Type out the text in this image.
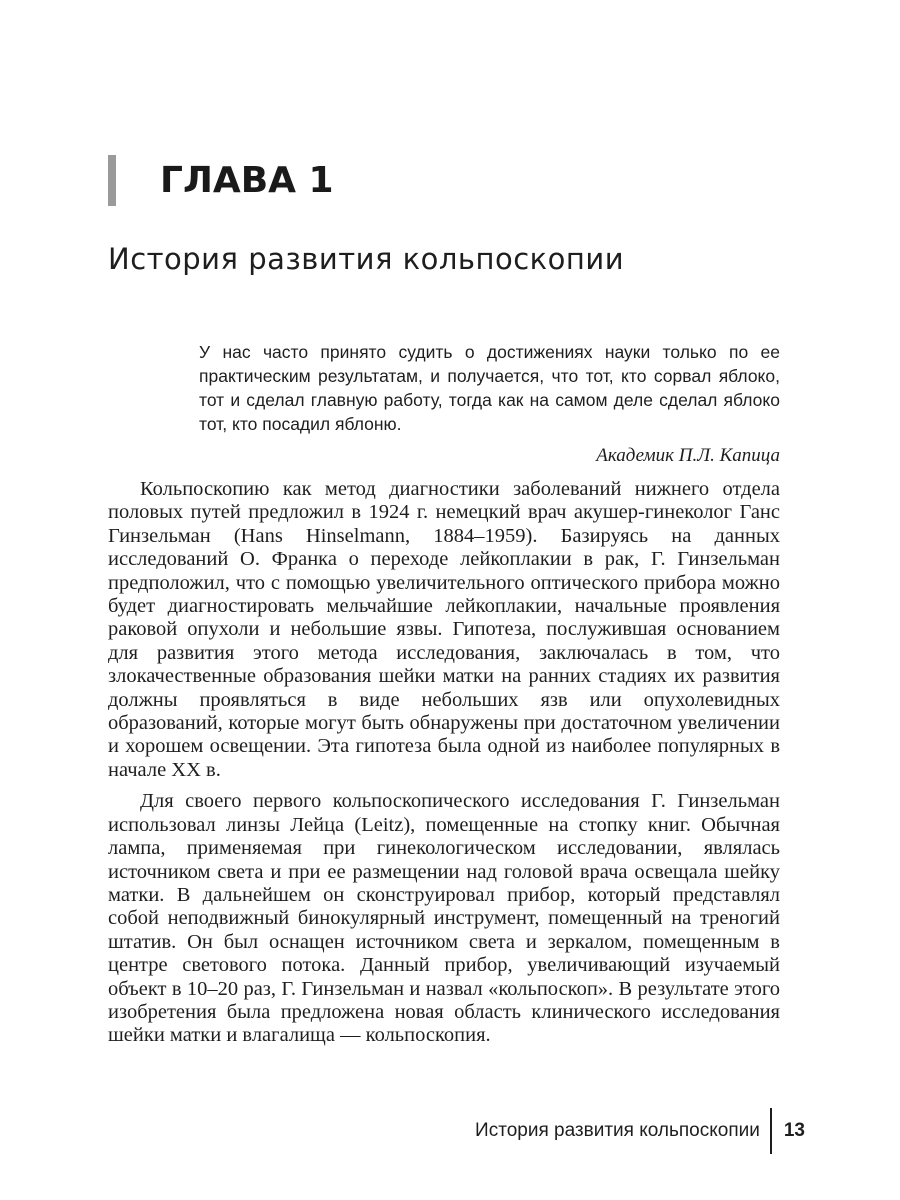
ГЛАВА 1
История развития кольпоскопии

У нас часто принято судить о достижениях науки только по ее практическим результатам, и получается, что тот, кто сорвал яблоко, тот и сделал главную работу, тогда как на самом деле сделал яблоко тот, кто посадил яблоню.

Академик П.Л. Капица

Кольпоскопию как метод диагностики заболеваний нижнего отдела половых путей предложил в 1924 г. немецкий врач акушер-гинеколог Ганс Гинзельман (Hans Hinselmann, 1884–1959). Базируясь на данных исследований О. Франка о переходе лейкоплакии в рак, Г. Гинзельман предположил, что с помощью увеличительного оптического прибора можно будет диагностировать мельчайшие лейкоплакии, начальные проявления раковой опухоли и небольшие язвы. Гипотеза, послужившая основанием для развития этого метода исследования, заключалась в том, что злокачественные образования шейки матки на ранних стадиях их развития должны проявляться в виде небольших язв или опухолевидных образований, которые могут быть обнаружены при достаточном увеличении и хорошем освещении. Эта гипотеза была одной из наиболее популярных в начале XX в.

Для своего первого кольпоскопического исследования Г. Гинзельман использовал линзы Лейца (Leitz), помещенные на стопку книг. Обычная лампа, применяемая при гинекологическом исследовании, являлась источником света и при ее размещении над головой врача освещала шейку матки. В дальнейшем он сконструировал прибор, который представлял собой неподвижный бинокулярный инструмент, помещенный на треногий штатив. Он был оснащен источником света и зеркалом, помещенным в центре светового потока. Данный прибор, увеличивающий изучаемый объект в 10–20 раз, Г. Гинзельман и назвал «кольпоскоп». В результате этого изобретения была предложена новая область клинического исследования шейки матки и влагалища — кольпоскопия.

История развития кольпоскопии	13
